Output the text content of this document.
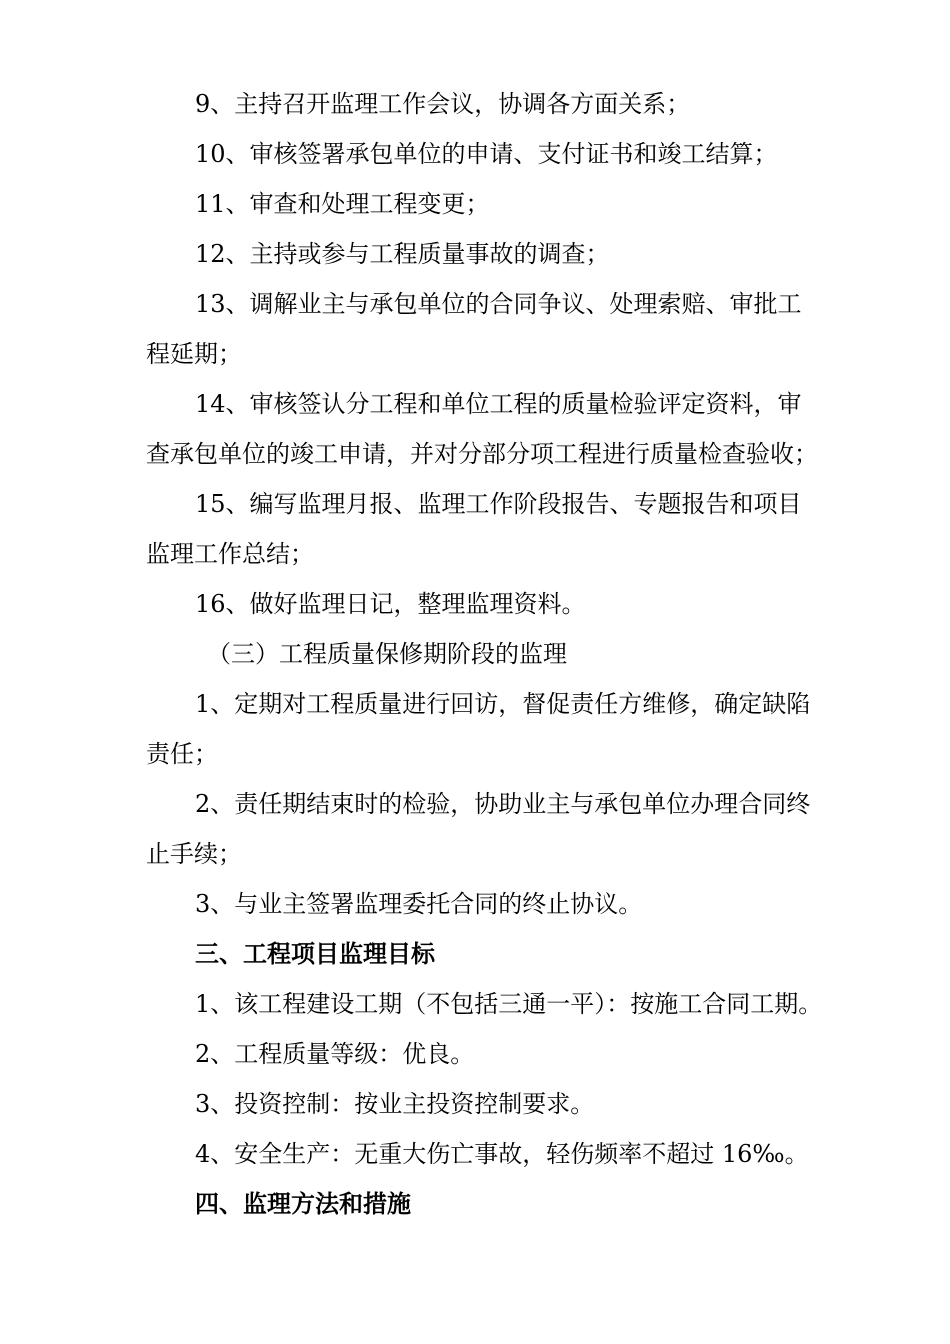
9、主持召开监理工作会议，协调各方面关系；

10、审核签署承包单位的申请、支付证书和竣工结算；

11、审查和处理工程变更；

12、主持或参与工程质量事故的调查；

13、调解业主与承包单位的合同争议、处理索赔、审批工
程延期；

14、审核签认分工程和单位工程的质量检验评定资料，审
查承包单位的竣工申请，并对分部分项工程进行质量检查验收；

15、编写监理月报、监理工作阶段报告、专题报告和项目
监理工作总结；

16、做好监理日记，整理监理资料。

（三）工程质量保修期阶段的监理

1、定期对工程质量进行回访，督促责任方维修，确定缺陷
责任；

2、责任期结束时的检验，协助业主与承包单位办理合同终
止手续；

3、与业主签署监理委托合同的终止协议。

三、工程项目监理目标

1、该工程建设工期（不包括三通一平）：按施工合同工期。

2、工程质量等级：优良。

3、投资控制：按业主投资控制要求。

4、安全生产：无重大伤亡事故，轻伤频率不超过 16‰。

四、监理方法和措施
